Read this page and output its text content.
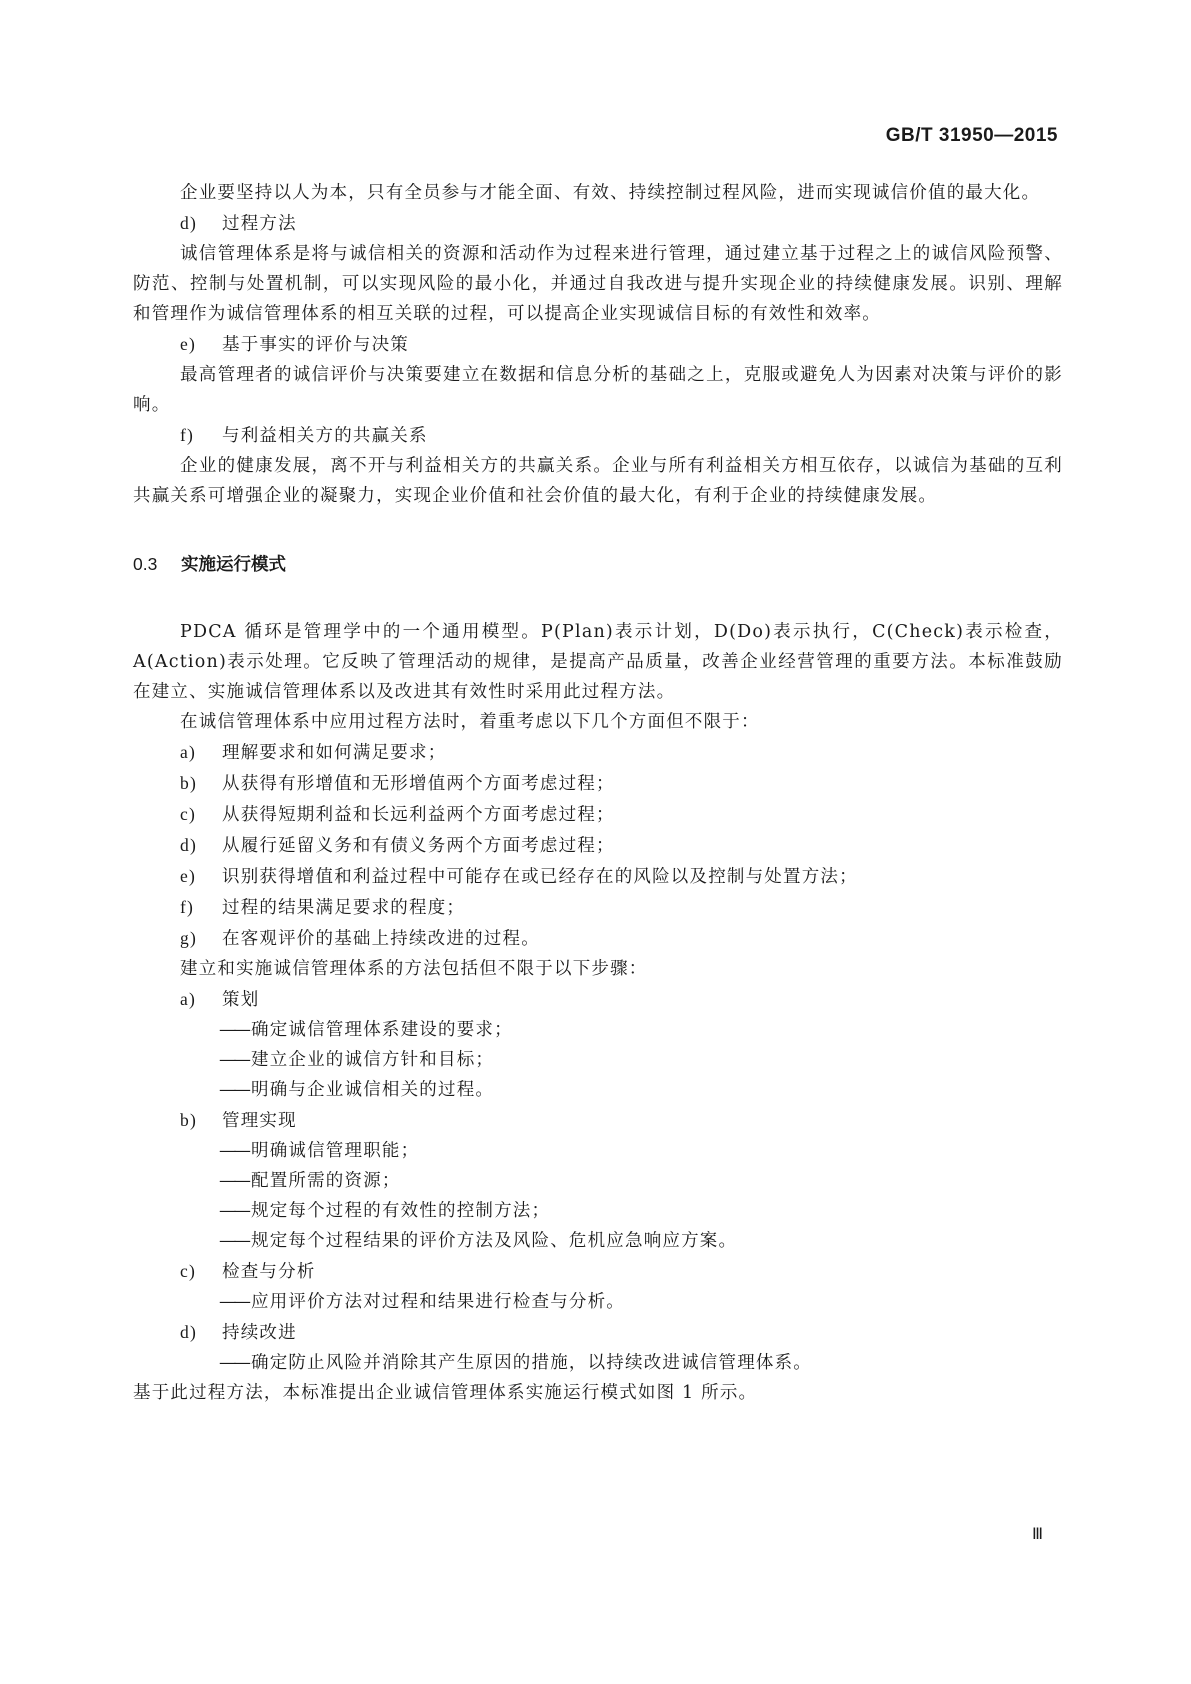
GB/T 31950—2015

企业要坚持以人为本，只有全员参与才能全面、有效、持续控制过程风险，进而实现诚信价值的最大化。

d) 过程方法

诚信管理体系是将与诚信相关的资源和活动作为过程来进行管理，通过建立基于过程之上的诚信风险预警、防范、控制与处置机制，可以实现风险的最小化，并通过自我改进与提升实现企业的持续健康发展。识别、理解和管理作为诚信管理体系的相互关联的过程，可以提高企业实现诚信目标的有效性和效率。

e) 基于事实的评价与决策

最高管理者的诚信评价与决策要建立在数据和信息分析的基础之上，克服或避免人为因素对决策与评价的影响。

f) 与利益相关方的共赢关系

企业的健康发展，离不开与利益相关方的共赢关系。企业与所有利益相关方相互依存，以诚信为基础的互利共赢关系可增强企业的凝聚力，实现企业价值和社会价值的最大化，有利于企业的持续健康发展。

0.3 实施运行模式

PDCA 循环是管理学中的一个通用模型。P(Plan)表示计划，D(Do)表示执行，C(Check)表示检查，A(Action)表示处理。它反映了管理活动的规律，是提高产品质量，改善企业经营管理的重要方法。本标准鼓励在建立、实施诚信管理体系以及改进其有效性时采用此过程方法。

在诚信管理体系中应用过程方法时，着重考虑以下几个方面但不限于：

a) 理解要求和如何满足要求；

b) 从获得有形增值和无形增值两个方面考虑过程；

c) 从获得短期利益和长远利益两个方面考虑过程；

d) 从履行延留义务和有债义务两个方面考虑过程；

e) 识别获得增值和利益过程中可能存在或已经存在的风险以及控制与处置方法；

f) 过程的结果满足要求的程度；

g) 在客观评价的基础上持续改进的过程。

建立和实施诚信管理体系的方法包括但不限于以下步骤：

a) 策划

—— 确定诚信管理体系建设的要求；

—— 建立企业的诚信方针和目标；

—— 明确与企业诚信相关的过程。

b) 管理实现

—— 明确诚信管理职能；

—— 配置所需的资源；

—— 规定每个过程的有效性的控制方法；

—— 规定每个过程结果的评价方法及风险、危机应急响应方案。

c) 检查与分析

—— 应用评价方法对过程和结果进行检查与分析。

d) 持续改进

—— 确定防止风险并消除其产生原因的措施，以持续改进诚信管理体系。

基于此过程方法，本标准提出企业诚信管理体系实施运行模式如图 1 所示。

Ⅲ
